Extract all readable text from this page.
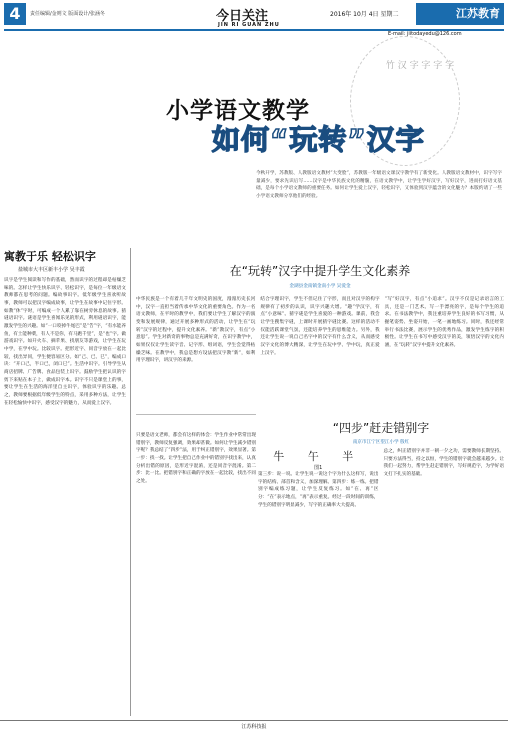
4	责任编辑/金则文 版面设计/张涵冬	今日关注
JIN RI GUAN ZHU
2016年 10月 4日 星期二	江苏教育
E-mail: jiitodayedu@126.com
竹 汉 字 字 字 字
小学语文教学
如何“玩转”汉字
今秋开学，苏教版、人教版语文教材“大变脸”，苏教版一年级语文课汉字教学有了新变化。人教版语文教材中，识字写字量减少，要求先识后写……汉字是中华民族文化的精髓，在语文教学中，让学生学好汉字，写好汉字，进而打好语文基础，是每个小学语文教师的重要任务。如何让学生爱上汉字，轻松识字，又体验到汉字蕴含的文化魅力？本版约请了一些小学语文教师分享他们的经验。
寓教于乐 轻松识字
盐城市大丰区新丰小学 吴丰霞
识字是学生阅读和写作的基础，然而识字的过程却是枯燥乏味的。怎样让学生快乐识字、轻松识字，是每位一年级语文教师都在思考的问题。编故事识字。低年级学生喜欢听故事，教师可以把汉字编成故事，让学生在故事中记住字形。如教“休”字时，可编成一个人累了靠在树旁休息的故事。猜谜语识字。谜语是学生喜闻乐见的形式，利用谜语识字，能激发学生的兴趣。如“一口咬掉牛尾巴”是“告”字，“有水能养鱼，有土能种菜，有人不是你，有马跑千里”，是“也”字。做游戏识字。如开火车、摘苹果、找朋友等游戏，让学生在玩中学，在学中玩。比较识字。把形近字、同音字放在一起比较，找出异同，学生便容易区分。如“己、已、巳”，编成口诀：“开口己，半口已，闭口巳”。生活中识字。引导学生从商店招牌、广告牌、食品包装上识字。鼓励学生把认识的字剪下来贴在本子上，做成识字本。识字不只是课堂上的事，要让学生在生活的海洋里自主识字，体验识字的乐趣。总之，教师要根据低年级学生的特点，采用多种方法，让学生在轻松愉快中识字，感受汉字的魅力，从而爱上汉字。
在“玩转”汉字中提升学生文化素养
金湖县金南镇金南小学 吴爱金
中华民族是一个有着几千年文明史的国度，漫漫历史长河中，汉字一直担当着传承中华文化的重要角色。作为一名语文教师，在平时的教学中，我们要让学生了解汉字的演变和发展规律，通过开展多种形式的活动，让学生在“玩转”汉字的过程中，提升文化素养。“新”教汉字，有点“小意思”。学生对新奇的事物总是充满好奇，在识字教学中，如果仅仅让学生读字音、记字形、组词语，学生会觉得枯燥乏味。在教学中，我总是想方设法把汉字教“新”，如利用字理识字，讲汉字的来源。
结合字理识字，学生不但记住了字形，而且对汉字的构字规律有了初步的认识，识字兴趣大增。“趣”学汉字，有点“小意味”。猜字谜是学生喜爱的一种游戏。课前，我会让学生搜集字谜，上课时开展猜字谜比赛。这样的活动不仅能活跃课堂气氛，还能培养学生的思维能力。另外，我还让学生说一说自己名字中的汉字有什么含义，从而感受汉字文化的博大精深，让学生在玩中学、学中玩，真正爱上汉字。
“写”好汉字，有点“小追求”。汉字不仅是记录语言的工具，还是一门艺术。写一手漂亮的字，是每个学生的追求。在书法教学中，我注重培养学生良好的书写习惯，从握笔姿势、坐姿开始，一笔一画地练习。同时，我还经常举行书法比赛，展示学生的优秀作品，激发学生练字的积极性。让学生在书写中感受汉字的美，领悟汉字的文化内涵，在“玩转”汉字中提升文化素养。
只要是语文老师，都会有这样的体会：学生作业中常常出现错别字，教师反复强调，效果却甚微。如何让学生减少错别字呢？我总结了“四步”法，用于纠正错别字，效果显著。第一步：找一找。让学生把自己作业中的错别字找出来，认真分析出错的原因，是形近字混淆，还是同音字混淆。第二步：比一比。把错别字和正确的字放在一起比较，找出不同之处。
“四步”赶走错别字
南京市江宁区望江小学 殷红
牛 午 半
图1
第三步：说一说。让学生说一说这个字为什么这样写，说出字的结构、部首和含义，加深理解。第四步：练一练。把错别字编成练习题，让学生反复练习。如“在、再”区分：“在”表示地点，“再”表示重复。经过一段时间的训练，学生的错别字明显减少，写字的正确率大大提高。
总之，纠正错别字并非一朝一夕之功，需要教师长期坚持。只要方法得当，持之以恒，学生的错别字就会越来越少。让我们一起努力，帮学生赶走错别字，写好规范字，为学好语文打下扎实的基础。
江苏科技报
